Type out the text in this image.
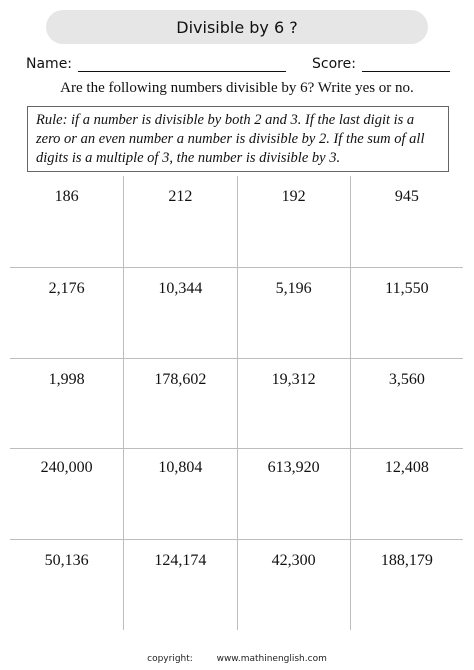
Divisible by 6 ?
Name:	Score:
Are the following numbers divisible by 6? Write yes or no.
Rule: if a number is divisible by both 2 and 3. If the last digit is a zero or an even number a number is divisible by 2. If the sum of all digits is a multiple of 3, the number is divisible by 3.
186	212	192	945
2,176	10,344	5,196	11,550
1,998	178,602	19,312	3,560
240,000	10,804	613,920	12,408
50,136	124,174	42,300	188,179
copyright:	www.mathinenglish.com
